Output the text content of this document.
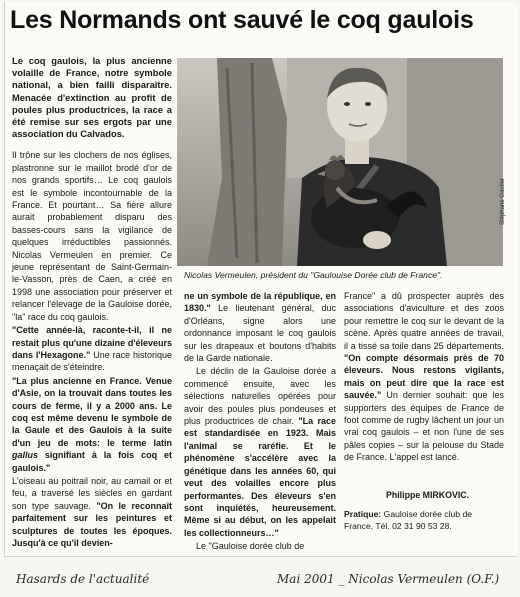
Les Normands ont sauvé le coq gaulois

Le coq gaulois, la plus ancienne volaille de France, notre symbole national, a bien failli disparaître. Menacée d'extinction au profit de poules plus productrices, la race a été remise sur ses ergots par une association du Calvados.

Il trône sur les clochers de nos églises, plastronne sur le maillot brodé d'or de nos grands sportifs… Le coq gaulois est le symbole incontournable de la France. Et pourtant… Sa fière allure aurait probablement disparu des basses-cours sans la vigilance de quelques irréductibles passionnés. Nicolas Vermeulen en premier. Ce jeune représentant de Saint-Germain-le-Vasson, près de Caen, a créé en 1998 une association pour préserver et relancer l'élevage de la Gauloise dorée, "la" race du coq gaulois.

"Cette année-là, raconte-t-il, il ne restait plus qu'une dizaine d'éleveurs dans l'Hexagone." Une race historique menaçait de s'éteindre.

"La plus ancienne en France. Venue d'Asie, on la trouvait dans toutes les cours de ferme, il y a 2000 ans. Le coq est même devenu le symbole de la Gaule et des Gaulois à la suite d'un jeu de mots: le terme latin gallus signifiant à la fois coq et gaulois."

L'oiseau au poitrail noir, au camail or et feu, a traversé les siècles en gardant son type sauvage. "On le reconnaît parfaitement sur les peintures et sculptures de toutes les époques. Jusqu'à ce qu'il devien-

Stéphane Gautier
Nicolas Vermeulen, président du "Gaulouise Dorée club de France".

ne un symbole de la république, en 1830." Le lieutenant général, duc d'Orléans, signe alors une ordonnance imposant le coq gaulois sur les drapeaux et boutons d'habits de la Garde nationale.

Le déclin de la Gauloise dorée a commencé ensuite, avec les sélections naturelles opérées pour avoir des poules plus pondeuses et plus productrices de chair. "La race est standardisée en 1923. Mais l'animal se raréfie. Et le phénomène s'accélère avec la génétique dans les années 60, qui veut des volailles encore plus performantes. Des éleveurs s'en sont inquiétés, heureusement. Même si au début, on les appelait les collectionneurs…"

Le "Gauloise dorée club de

France" a dû prospecter auprès des associations d'aviculture et des zoos pour remettre le coq sur le devant de la scène. Après quatre années de travail, il a tissé sa toile dans 25 départements. "On compte désormais près de 70 éleveurs. Nous restons vigilants, mais on peut dire que la race est sauvée." Un dernier souhait: que les supporters des équipes de France de foot comme de rugby lâchent un jour un vrai coq gaulois – et non l'une de ses pâles copies – sur la pelouse du Stade de France. L'appel est lancé.

Philippe MIRKOVIC.
Pratique: Gauloise dorée club de France, Tél. 02 31 90 53 28.
Hasards de l'actualité	Mai 2001 _ Nicolas Vermeulen (O.F.)
